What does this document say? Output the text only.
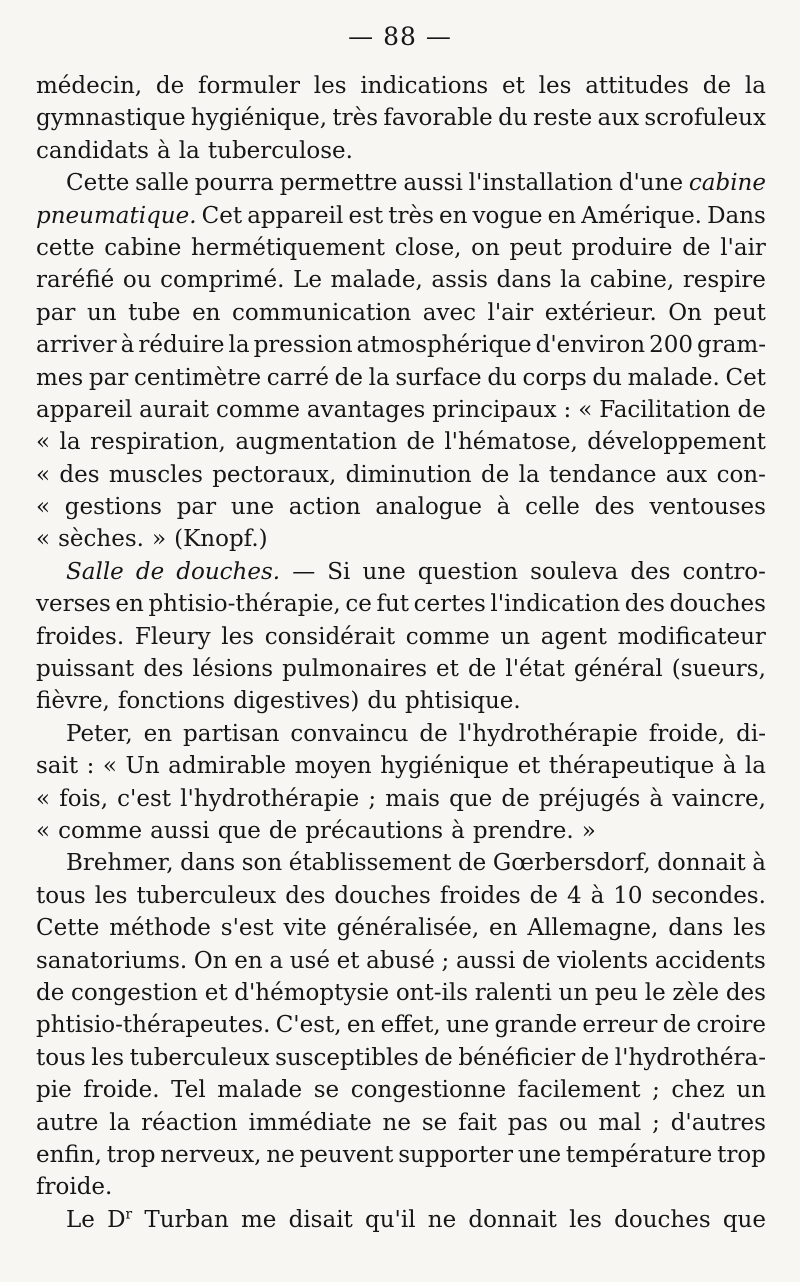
— 88 —
médecin, de formuler les indications et les attitudes de la
gymnastique hygiénique, très favorable du reste aux scrofuleux
candidats à la tuberculose.
Cette salle pourra permettre aussi l'installation d'une cabine
pneumatique. Cet appareil est très en vogue en Amérique. Dans
cette cabine hermétiquement close, on peut produire de l'air
raréfié ou comprimé. Le malade, assis dans la cabine, respire
par un tube en communication avec l'air extérieur. On peut
arriver à réduire la pression atmosphérique d'environ 200 gram-
mes par centimètre carré de la surface du corps du malade. Cet
appareil aurait comme avantages principaux : « Facilitation de
« la respiration, augmentation de l'hématose, développement
« des muscles pectoraux, diminution de la tendance aux con-
« gestions par une action analogue à celle des ventouses
« sèches. » (Knopf.)
Salle de douches. — Si une question souleva des contro-
verses en phtisio-thérapie, ce fut certes l'indication des douches
froides. Fleury les considérait comme un agent modificateur
puissant des lésions pulmonaires et de l'état général (sueurs,
fièvre, fonctions digestives) du phtisique.
Peter, en partisan convaincu de l'hydrothérapie froide, di-
sait : « Un admirable moyen hygiénique et thérapeutique à la
« fois, c'est l'hydrothérapie ; mais que de préjugés à vaincre,
« comme aussi que de précautions à prendre. »
Brehmer, dans son établissement de Gœrbersdorf, donnait à
tous les tuberculeux des douches froides de 4 à 10 secondes.
Cette méthode s'est vite généralisée, en Allemagne, dans les
sanatoriums. On en a usé et abusé ; aussi de violents accidents
de congestion et d'hémoptysie ont-ils ralenti un peu le zèle des
phtisio-thérapeutes. C'est, en effet, une grande erreur de croire
tous les tuberculeux susceptibles de bénéficier de l'hydrothéra-
pie froide. Tel malade se congestionne facilement ; chez un
autre la réaction immédiate ne se fait pas ou mal ; d'autres
enfin, trop nerveux, ne peuvent supporter une température trop
froide.
Le $D^r$ Turban me disait qu'il ne donnait les douches que
